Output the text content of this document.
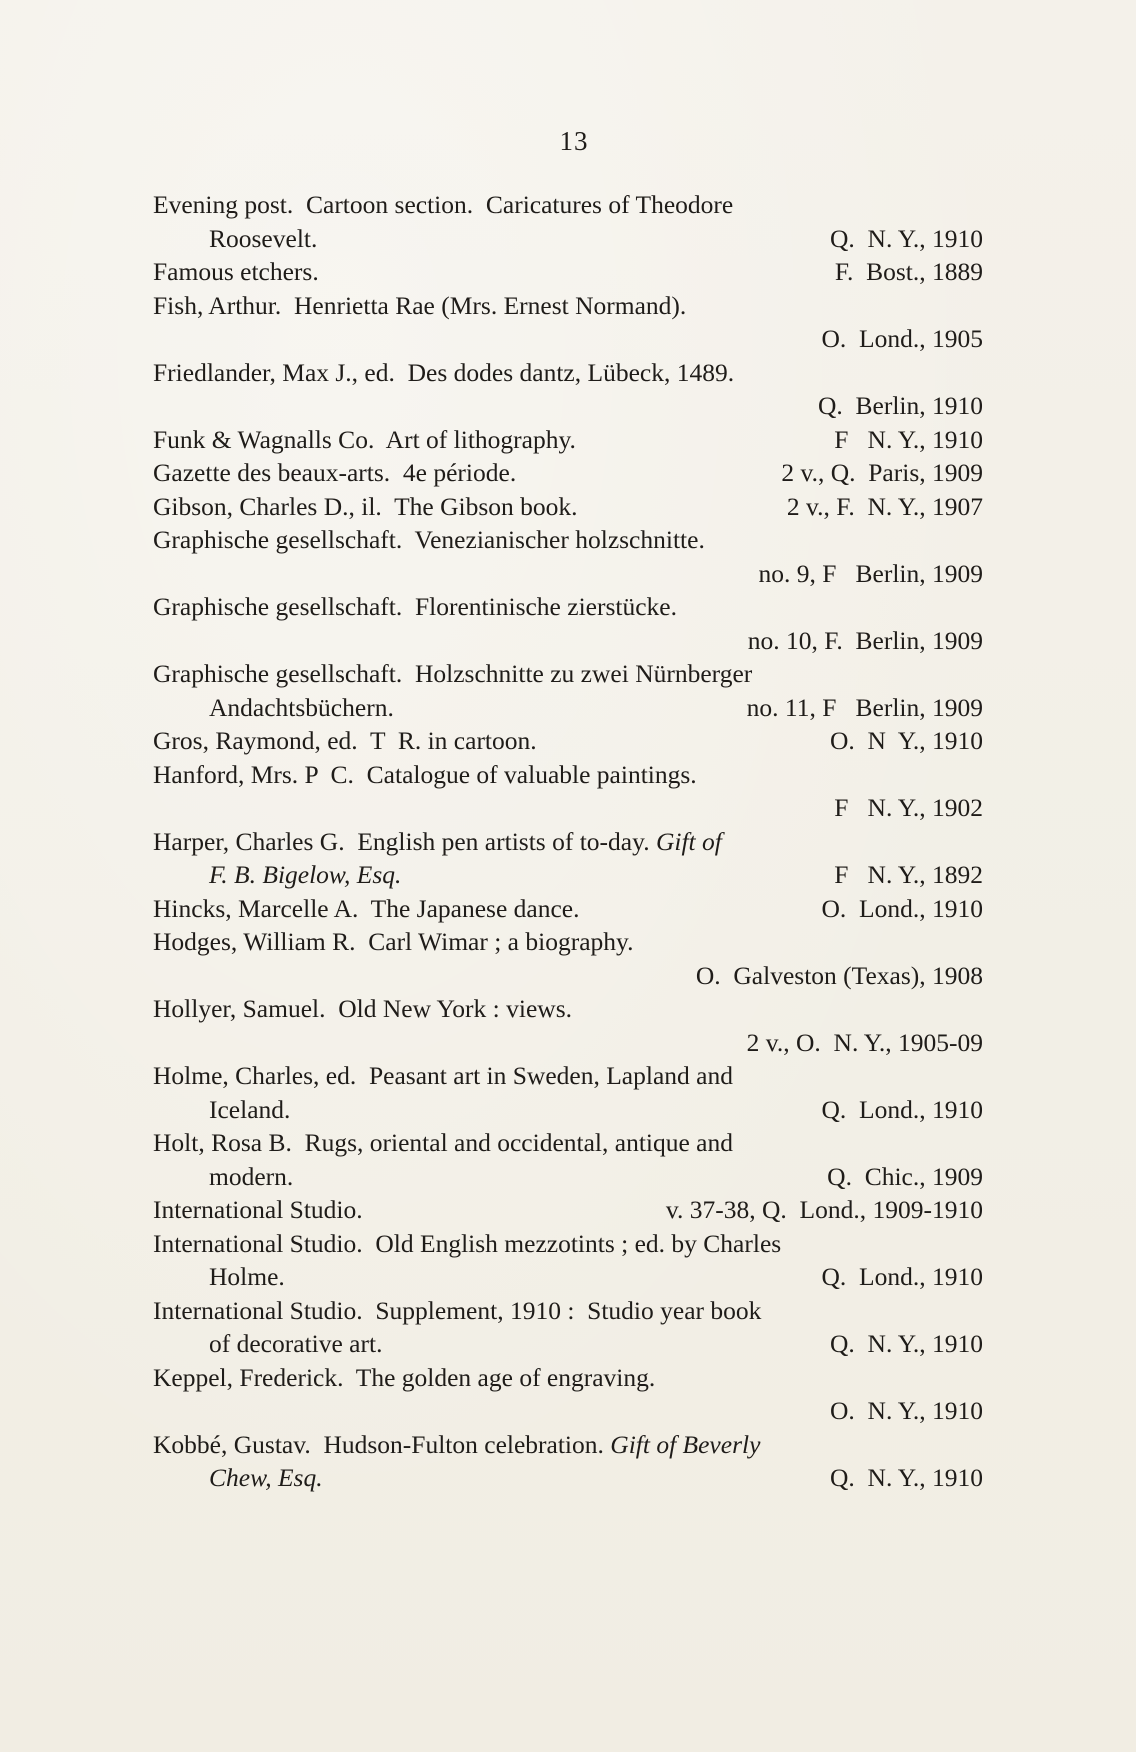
13
Evening post.  Cartoon section.  Caricatures of Theodore
Roosevelt.	Q.  N. Y., 1910
Famous etchers.	F.  Bost., 1889
Fish, Arthur.  Henrietta Rae (Mrs. Ernest Normand).
O.  Lond., 1905
Friedlander, Max J., ed.  Des dodes dantz, Lübeck, 1489.
Q.  Berlin, 1910
Funk & Wagnalls Co.  Art of lithography.	F   N. Y., 1910
Gazette des beaux-arts.  4e période.	2 v., Q.  Paris, 1909
Gibson, Charles D., il.  The Gibson book.	2 v., F.  N. Y., 1907
Graphische gesellschaft.  Venezianischer holzschnitte.
no. 9, F   Berlin, 1909
Graphische gesellschaft.  Florentinische zierstücke.
no. 10, F.  Berlin, 1909
Graphische gesellschaft.  Holzschnitte zu zwei Nürnberger
Andachtsbüchern.	no. 11, F   Berlin, 1909
Gros, Raymond, ed.  T  R. in cartoon.	O.  N  Y., 1910
Hanford, Mrs. P  C.  Catalogue of valuable paintings.
F   N. Y., 1902
Harper, Charles G.  English pen artists of to-day. Gift of
F. B. Bigelow, Esq.	F   N. Y., 1892
Hincks, Marcelle A.  The Japanese dance.	O.  Lond., 1910
Hodges, William R.  Carl Wimar ; a biography.
O.  Galveston (Texas), 1908
Hollyer, Samuel.  Old New York : views.
2 v., O.  N. Y., 1905-09
Holme, Charles, ed.  Peasant art in Sweden, Lapland and
Iceland.	Q.  Lond., 1910
Holt, Rosa B.  Rugs, oriental and occidental, antique and
modern.	Q.  Chic., 1909
International Studio.	v. 37-38, Q.  Lond., 1909-1910
International Studio.  Old English mezzotints ; ed. by Charles
Holme.	Q.  Lond., 1910
International Studio.  Supplement, 1910 :  Studio year book
of decorative art.	Q.  N. Y., 1910
Keppel, Frederick.  The golden age of engraving.
O.  N. Y., 1910
Kobbé, Gustav.  Hudson-Fulton celebration. Gift of Beverly
Chew, Esq.	Q.  N. Y., 1910
